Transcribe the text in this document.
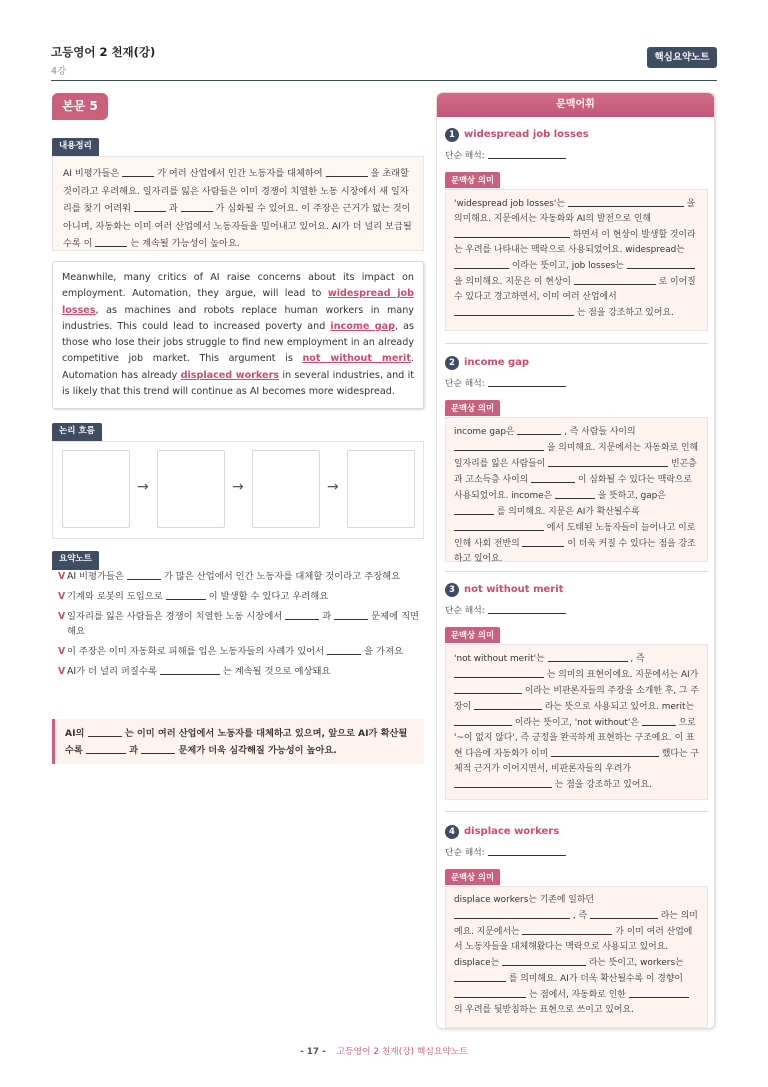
고등영어 2 천재(강)
4강
핵심요약노트
본문 5
내용정리
AI 비평가들은	가 여러 산업에서 인간 노동자를 대체하여	을 초래할 것이라고 우려해요. 일자리를 잃은 사람들은 이미 경쟁이 치열한 노동 시장에서 새 일자리를 찾기 어려워	과	가 심화될 수 있어요. 이 주장은 근거가 없는 것이 아니며, 자동화는 이미 여러 산업에서 노동자들을 밀어내고 있어요. AI가 더 널리 보급될수록 이	는 계속될 가능성이 높아요.
Meanwhile, many critics of AI raise concerns about its impact on employment. Automation, they argue, will lead to widespread job losses, as machines and robots replace human workers in many industries. This could lead to increased poverty and income gap, as those who lose their jobs struggle to find new employment in an already competitive job market. This argument is not without merit. Automation has already displaced workers in several industries, and it is likely that this trend will continue as AI becomes more widespread.
논리 흐름
→	→	→
요약노트
V AI 비평가들은	가 많은 산업에서 인간 노동자를 대체할 것이라고 주장해요
V 기계와 로봇의 도입으로	이 발생할 수 있다고 우려해요
V 일자리를 잃은 사람들은 경쟁이 치열한 노동 시장에서	과	문제에 직면해요
V 이 주장은 이미 자동화로 피해를 입은 노동자들의 사례가 있어서	을 가져요
V AI가 더 널리 퍼질수록	는 계속될 것으로 예상돼요
AI의	는 이미 여러 산업에서 노동자를 대체하고 있으며, 앞으로 AI가 확산될수록	과	문제가 더욱 심각해질 가능성이 높아요.
문맥어휘
1 widespread job losses
단순 해석:
문맥상 의미
'widespread job losses'는	을 의미해요. 지문에서는 자동화와 AI의 발전으로 인해  하면서 이 현상이 발생할 것이라는 우려를 나타내는 맥락으로 사용되었어요. widespread는  이라는 뜻이고, job losses는  을 의미해요. 지문은 이 현상이	로 이어질 수 있다고 경고하면서, 이미 여러 산업에서  는 점을 강조하고 있어요.
2 income gap
단순 해석:
문맥상 의미
income gap은	, 즉 사람들 사이의  을 의미해요. 지문에서는 자동화로 인해 일자리를 잃은 사람들이	빈곤층과 고소득층 사이의	이 심화될 수 있다는 맥락으로 사용되었어요. income은	을 뜻하고, gap은  를 의미해요. 지문은 AI가 확산될수록  에서 도태된 노동자들이 늘어나고 이로 인해 사회 전반의	이 더욱 커질 수 있다는 점을 강조하고 있어요.
3 not without merit
단순 해석:
문맥상 의미
'not without merit'는	, 즉  는 의미의 표현이에요. 지문에서는 AI가  이라는 비판론자들의 주장을 소개한 후, 그 주장이	라는 뜻으로 사용되고 있어요. merit는  이라는 뜻이고, 'not without'은	으로 '~이 없지 않다', 즉 긍정을 완곡하게 표현하는 구조예요. 이 표현 다음에 자동화가 이미	했다는 구체적 근거가 이어지면서, 비판론자들의 우려가  는 점을 강조하고 있어요.
4 displace workers
단순 해석:
문맥상 의미
displace workers는 기존에 일하던  , 즉	라는 의미예요. 지문에서는	가 이미 여러 산업에서 노동자들을 대체해왔다는 맥락으로 사용되고 있어요. displace는	라는 뜻이고, workers는  를 의미해요. AI가 더욱 확산될수록 이 경향이  는 점에서, 자동화로 인한  의 우려를 뒷받침하는 표현으로 쓰이고 있어요.
- 17 - 고등영어 2 천재(강) 핵심요약노트
